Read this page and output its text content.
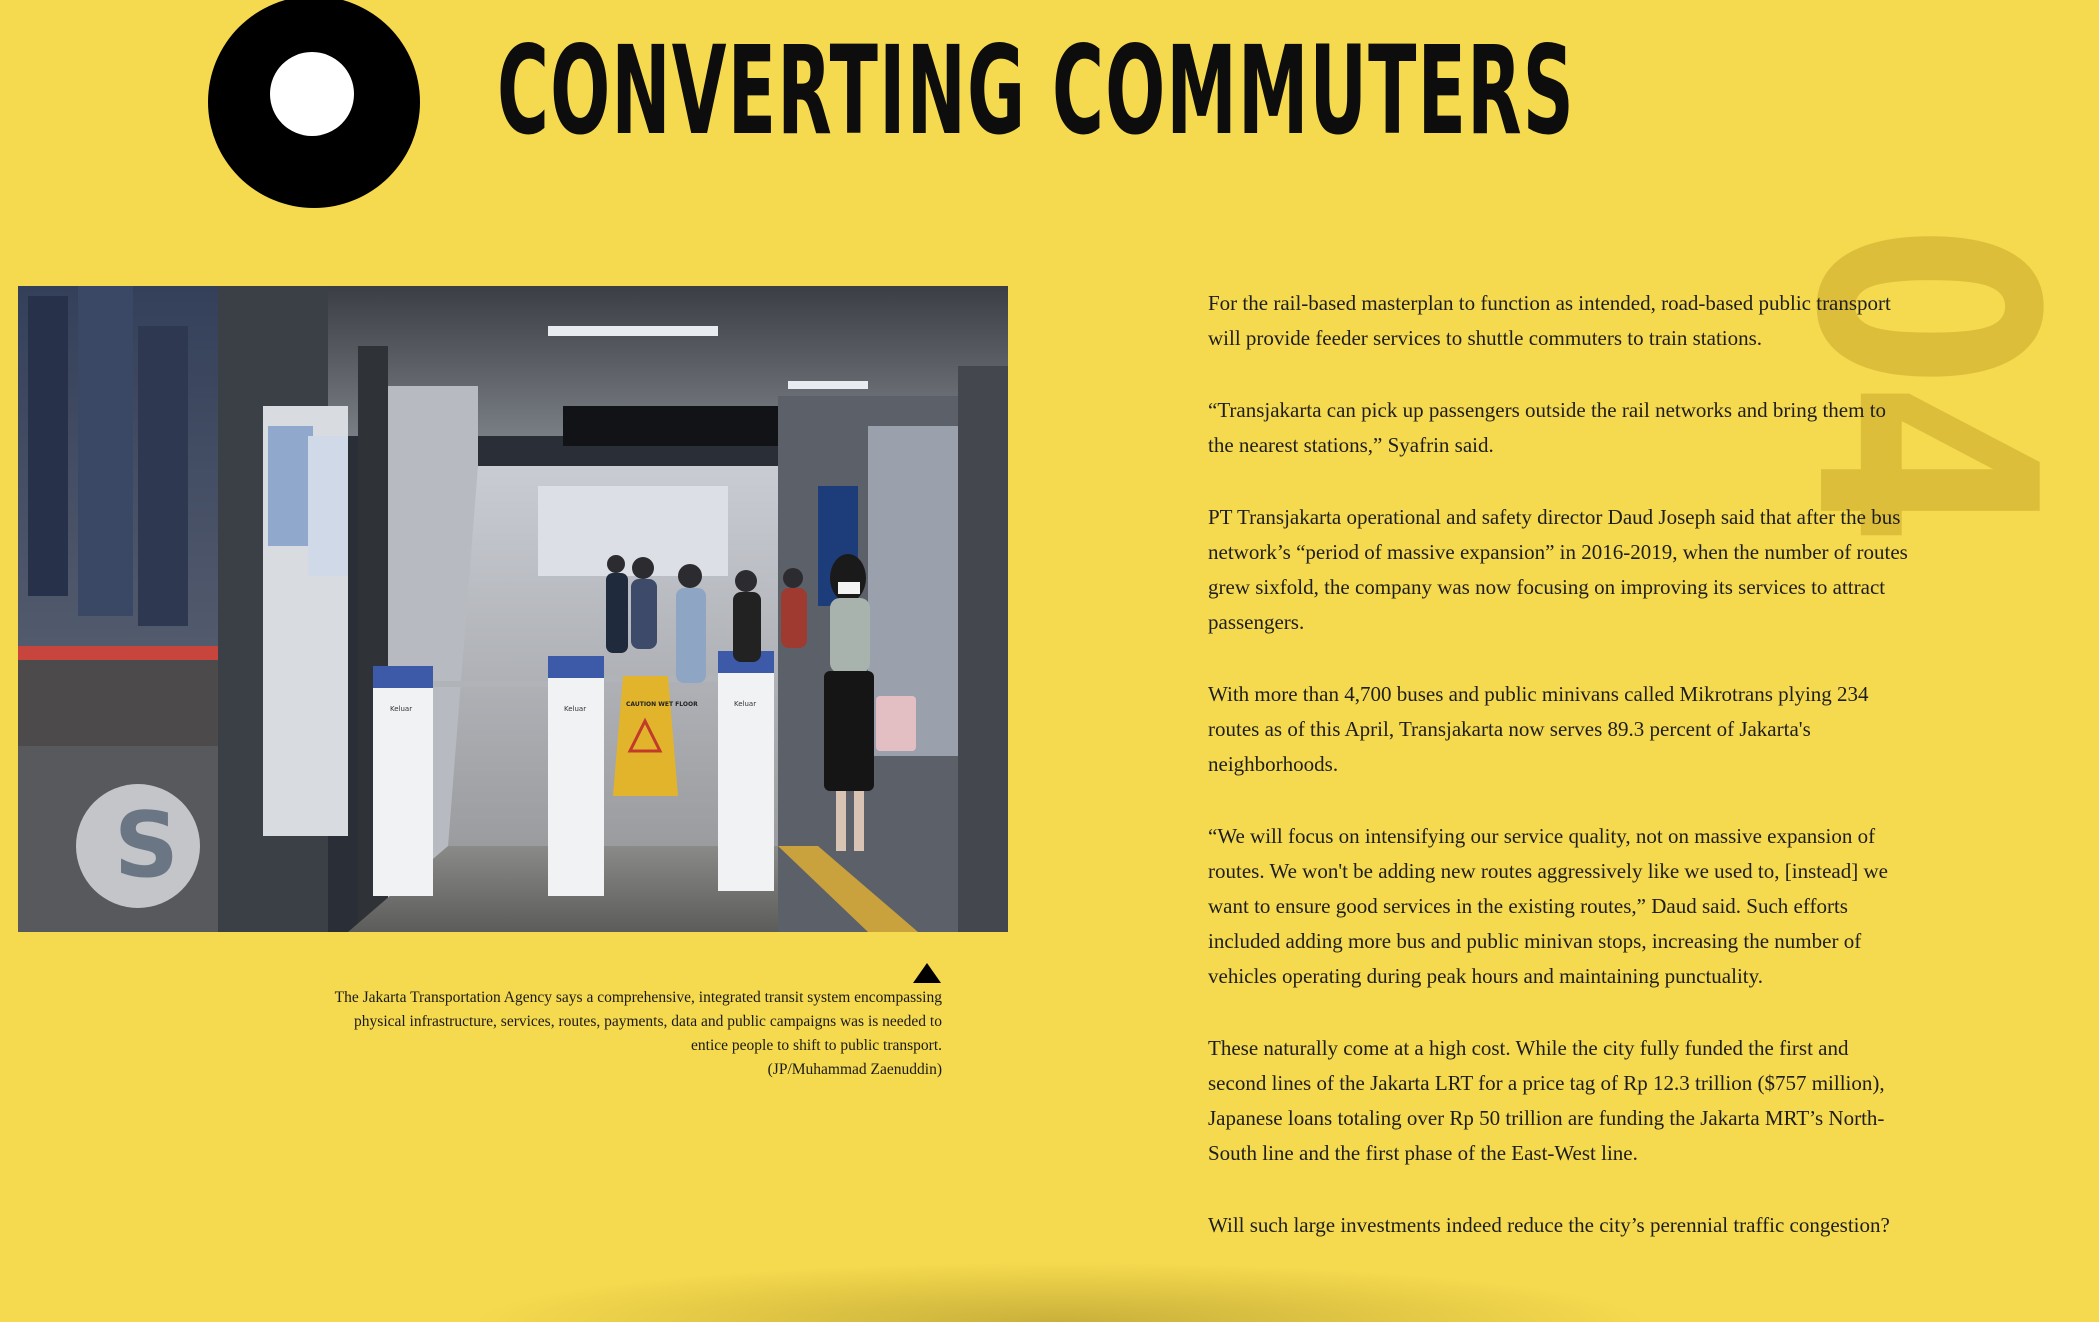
CONVERTING COMMUTERS
04
S
Keluar	Keluar
Keluar
CAUTION WET FLOOR

The Jakarta Transportation Agency says a comprehensive, integrated transit system encompassing physical infrastructure, services, routes, payments, data and public campaigns was is needed to entice people to shift to public transport.
(JP/Muhammad Zaenuddin)

For the rail-based masterplan to function as intended, road-based public transport will provide feeder services to shuttle commuters to train stations.

“Transjakarta can pick up passengers outside the rail networks and bring them to the nearest stations,” Syafrin said.

PT Transjakarta operational and safety director Daud Joseph said that after the bus network’s “period of massive expansion” in 2016-2019, when the number of routes grew sixfold, the company was now focusing on improving its services to attract passengers.

With more than 4,700 buses and public minivans called Mikrotrans plying 234 routes as of this April, Transjakarta now serves 89.3 percent of Jakarta's neighborhoods.

“We will focus on intensifying our service quality, not on massive expansion of routes. We won't be adding new routes aggressively like we used to, [instead] we want to ensure good services in the existing routes,” Daud said. Such efforts included adding more bus and public minivan stops, increasing the number of vehicles operating during peak hours and maintaining punctuality.

These naturally come at a high cost. While the city fully funded the first and second lines of the Jakarta LRT for a price tag of Rp 12.3 trillion ($757 million), Japanese loans totaling over Rp 50 trillion are funding the Jakarta MRT’s North-South line and the first phase of the East-West line.

Will such large investments indeed reduce the city’s perennial traffic congestion?
